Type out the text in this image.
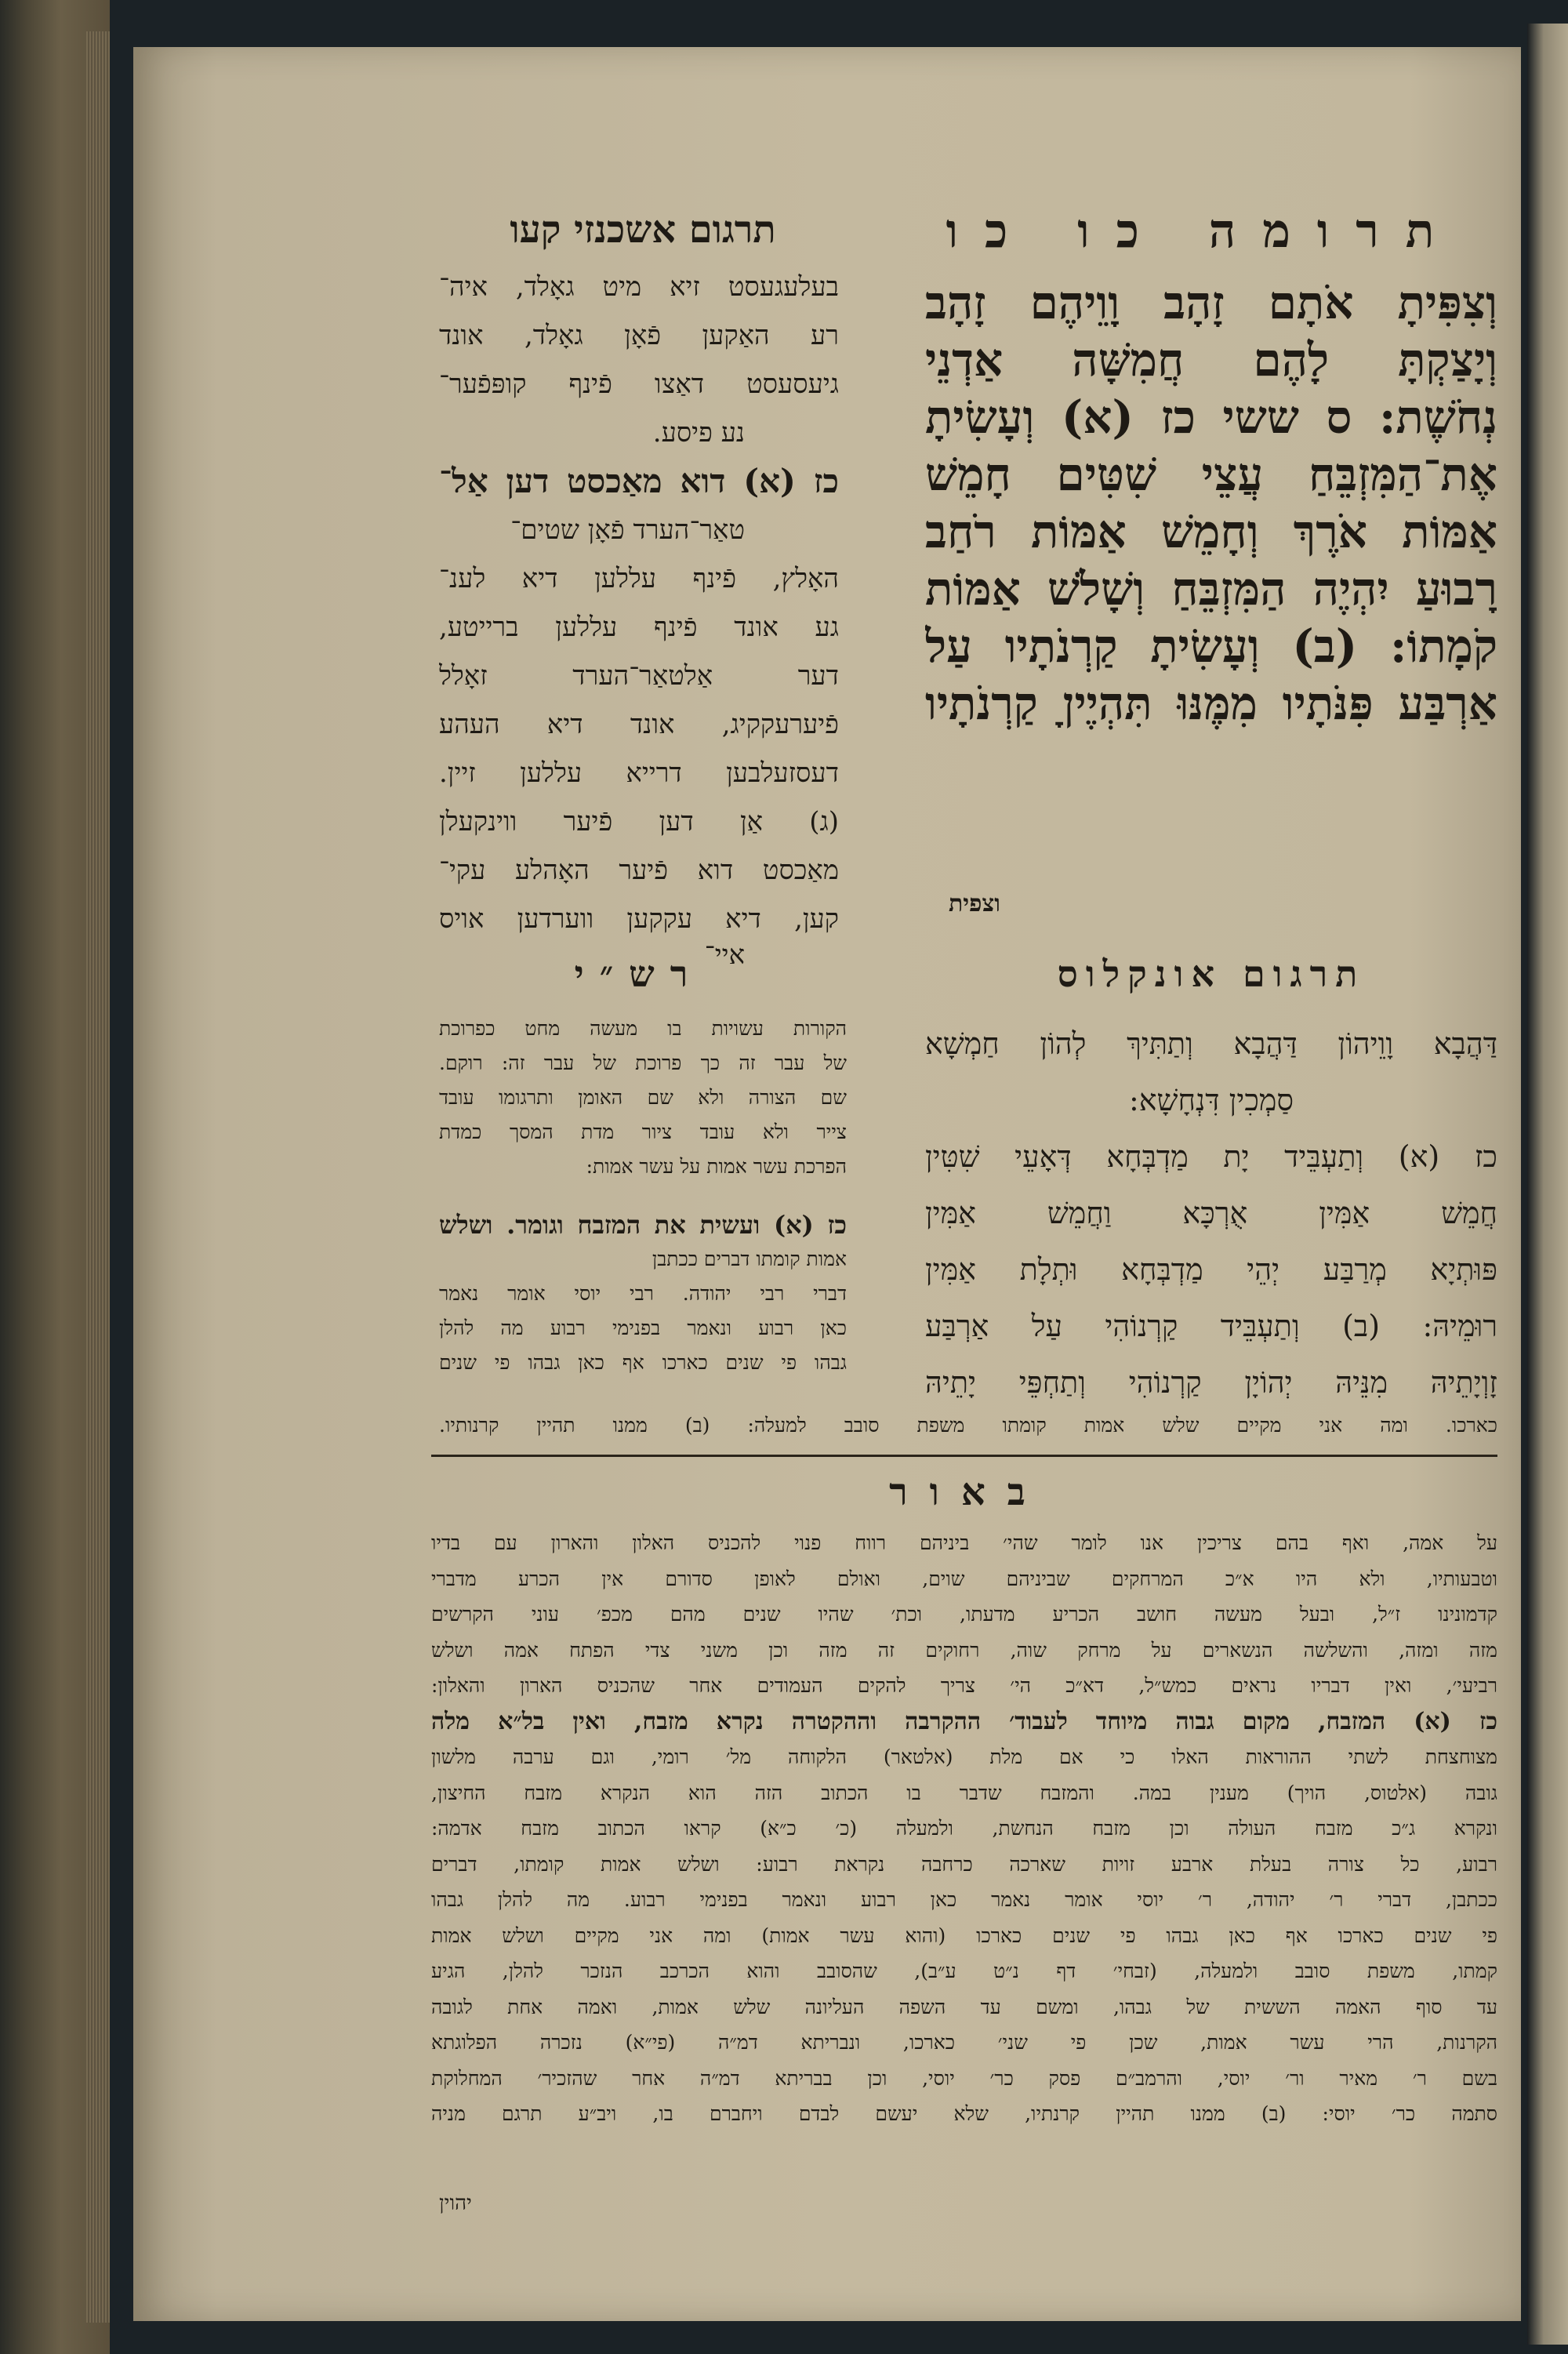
תרומה כו כו
תרגום אשכנזי קעו
וְצִפִּיתָ אֹתָם זָהָב וָוֵיהֶם זָהָב
וְיָצַקְתָּ לָהֶם חֲמִשָּׁה אַדְנֵי
נְחֹשֶׁת: ס ששי כז (א) וְעָשִׂיתָ
אֶת־הַמִּזְבֵּחַ עֲצֵי שִׁטִּים חָמֵשׁ
אַמּוֹת אֹרֶךְ וְחָמֵשׁ אַמּוֹת רֹחַב
רָבוּעַ יִהְיֶה הַמִּזְבֵּחַ וְשָׁלֹשׁ אַמּוֹת
קֹמָתוֹ: (ב) וְעָשִׂיתָ קַרְנֹתָיו עַל
אַרְבַּע פִּנֹּתָיו מִמֶּנּוּ תִּהְיֶיןָ קַרְנֹתָיו
וצפית
בעלעגעסט זיא מיט גאָלד, איה־
רע האַקען פֿאָן גאָלד, אונד
גיעסעסט דאַצו פֿינף קופּפֿער־
נע פיסע.
כז (א) דוא מאַכסט דען אַל־
טאַר־הערד פֿאָן שטים־
האָלץ, פֿינף עללען דיא לענ־
גע אונד פֿינף עללען ברייטע,
דער אַלטאַר־הערד זאָלל
פֿיערעקקיג, אונד דיא העהע
דעסזעלבען דרייא עללען זיין.
(ג) אַן דען פֿיער ווינקעלן
מאַכסט דוא פֿיער האָהלע עקי־
קען, דיא עקקען ווערדען אויס
איי־
רש״י
הקורות עשויות בו מעשה מחט כפרוכת
של עבר זה כך פרוכת של עבר זה: רוקם.
שם הצורה ולא שם האומן ותרגומו עובד
צייר ולא עובד ציור מדת המסך כמדת
הפרכת עשר אמות על עשר אמות:
כז (א) ועשית את המזבח וגומר. ושלש
אמות קומתו דברים ככתבן
דברי רבי יהודה. רבי יוסי אומר נאמר
כאן רבוע ונאמר בפנימי רבוע מה להלן
גבהו פי שנים כארכו אף כאן גבהו פי שנים
תרגום אונקלוס
דַּהֲבָא וָוֵיהוֹן דַּהֲבָא וְתַתִּיךְ לְהוֹן חַמְשָׁא
סַמְכִין דִּנְחָשָׁא:
כז (א) וְתַעְבֵּיד יָת מַדְבְּחָא דְּאָעֵי שִׁטִּין
חֲמֵשׁ אַמִּין אֻרְכָּא וַחֲמֵשׁ אַמִּין
פּוּתְיָא מְרַבַּע יְהֵי מַדְבְּחָא וּתְלָת אַמִּין
רוּמֵיהּ: (ב) וְתַעְבֵּיד קַרְנוֹהִי עַל אַרְבַּע
זָוְיָתֵיהּ מִנֵּיהּ יְהוֹיָן קַרְנוֹהִי וְתַחְפֵּי יָתֵיהּ
כארכו. ומה אני מקיים שלש אמות קומתו משפת סובב למעלה: (ב) ממנו תהיין קרנותיו.
באור
על אמה, ואף בהם צריכין אנו לומר שהי׳ ביניהם רווח פנוי להכניס האלון והארון עם בדיו
וטבעותיו, ולא היו א״כ המרחקים שביניהם שוים, ואולם לאופן סדורם אין הכרע מדברי
קדמונינו ז״ל, ובעל מעשה חושב הכריע מדעתו, וכת׳ שהיו שנים מהם מכפ׳ עוני הקרשים
מזה ומזה, והשלשה הנשארים על מרחק שוה, רחוקים זה מזה וכן משני צדי הפתח אמה ושלש
רביעי׳, ואין דבריו נראים כמש״ל, דא״כ הי׳ צריך להקים העמודים אחר שהכניס הארון והאלון:
כז (א) המזבח, מקום גבוה מיוחד לעבוד׳ ההקרבה וההקטרה נקרא מזבח, ואין בל״א מלה
מצוחצחת לשתי ההוראות האלו כי אם מלת (אלטאר) הלקוחה מל׳ רומי, וגם ערבה מלשון
גובה (אלטוס, הויך) מענין במה. והמזבח שדבר בו הכתוב הזה הוא הנקרא מזבח החיצון,
ונקרא ג״כ מזבח העולה וכן מזבח הנחשת, ולמעלה (כ׳ כ״א) קראו הכתוב מזבח אדמה:
רבוע, כל צורה בעלת ארבע זויות שארכה כרחבה נקראת רבוע: ושלש אמות קומתו, דברים
ככתבן, דברי ר׳ יהודה, ר׳ יוסי אומר נאמר כאן רבוע ונאמר בפנימי רבוע. מה להלן גבהו
פי שנים כארכו אף כאן גבהו פי שנים כארכו (והוא עשר אמות) ומה אני מקיים ושלש אמות
קמתו, משפת סובב ולמעלה, (זבחי׳ דף נ״ט ע״ב), שהסובב והוא הכרכב הנזכר להלן, הגיע
עד סוף האמה הששית של גבהו, ומשם עד השפה העליונה שלש אמות, ואמה אחת לגובה
הקרנות, הרי עשר אמות, שכן פי שני׳ כארכו, ונבריתא דמ״ה (פי״א) נזכרה הפלוגתא
בשם ר׳ מאיר ור׳ יוסי, והרמב״ם פסק כר׳ יוסי, וכן בבריתא דמ״ה אחר שהזכיר׳ המחלוקת
סתמה כר׳ יוסי: (ב) ממנו תהיין קרנתיו, שלא יעשם לבדם ויחברם בו, ויב״ע תרגם מניה
יהוין
